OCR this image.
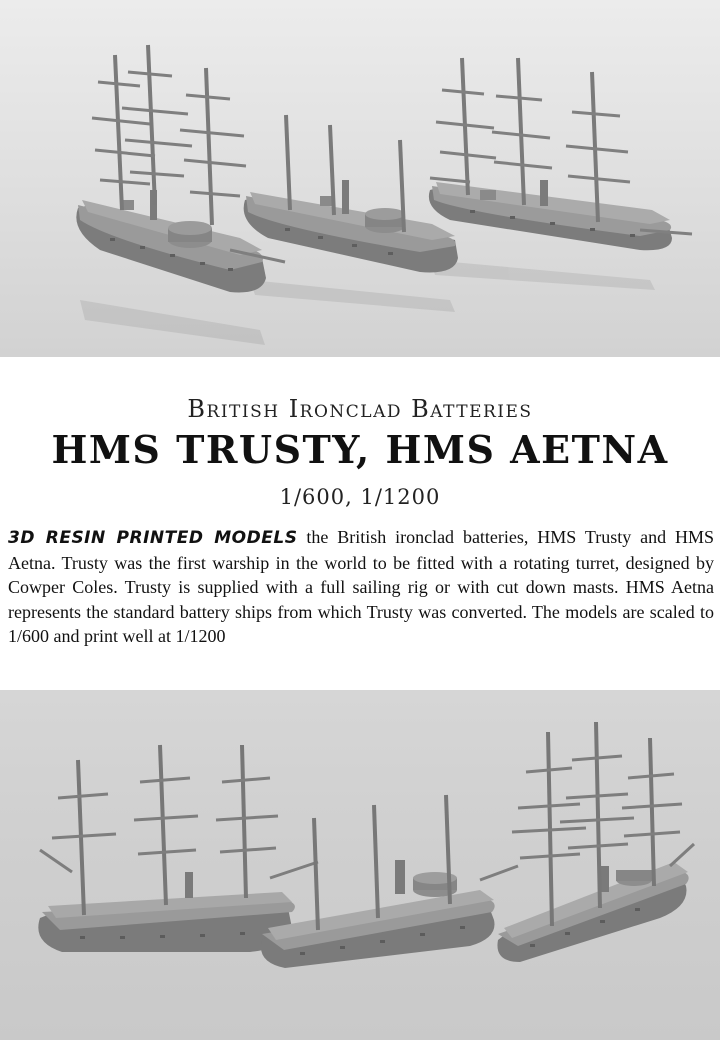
British Ironclad Batteries
HMS TRUSTY, HMS AETNA
1/600, 1/1200
3D RESIN PRINTED MODELS the British ironclad batteries, HMS Trusty and HMS Aetna. Trusty was the first warship in the world to be fitted with a rotating turret, designed by Cowper Coles. Trusty is supplied with a full sailing rig or with cut down masts. HMS Aetna represents the standard battery ships from which Trusty was converted. The models are scaled to 1/600 and print well at 1/1200
